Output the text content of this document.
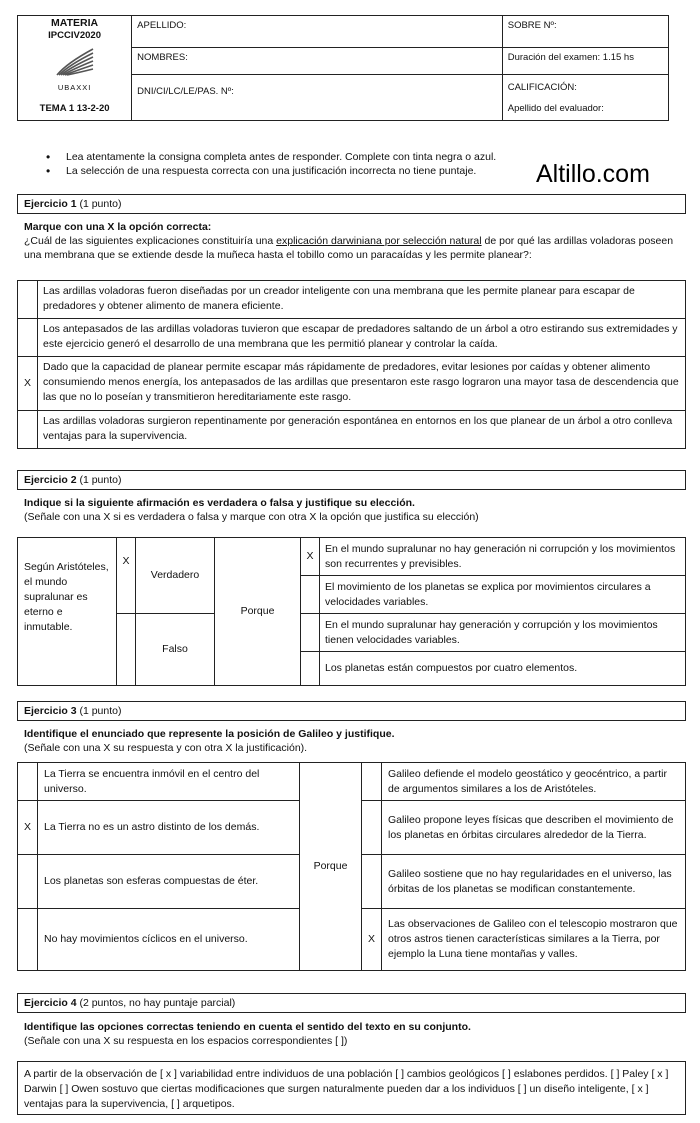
MATERIA
IPCCIV2020
UBAXXI
TEMA 1 13-2-20	APELLIDO:	SOBRE Nº:
	NOMBRES:	Duración del examen: 1.15 hs
	DNI/CI/LC/LE/PAS. Nº:	CALIFICACIÓN:
Apellido del evaluador:
• Lea atentamente la consigna completa antes de responder. Complete con tinta negra o azul.
• La selección de una respuesta correcta con una justificación incorrecta no tiene puntaje.	Altillo.com
Ejercicio 1 (1 punto)
Marque con una X la opción correcta:
¿Cuál de las siguientes explicaciones constituiría una explicación darwiniana por selección natural de por qué las ardillas voladoras poseen una membrana que se extiende desde la muñeca hasta el tobillo como un paracaídas y les permite planear?:
	Las ardillas voladoras fueron diseñadas por un creador inteligente con una membrana que les permite planear para escapar de predadores y obtener alimento de manera eficiente.
	Los antepasados de las ardillas voladoras tuvieron que escapar de predadores saltando de un árbol a otro estirando sus extremidades y este ejercicio generó el desarrollo de una membrana que les permitió planear y controlar la caída.
X	Dado que la capacidad de planear permite escapar más rápidamente de predadores, evitar lesiones por caídas y obtener alimento consumiendo menos energía, los antepasados de las ardillas que presentaron este rasgo lograron una mayor tasa de descendencia que las que no lo poseían y transmitieron hereditariamente este rasgo.
	Las ardillas voladoras surgieron repentinamente por generación espontánea en entornos en los que planear de un árbol a otro conlleva ventajas para la supervivencia.
Ejercicio 2 (1 punto)
Indique si la siguiente afirmación es verdadera o falsa y justifique su elección.
(Señale con una X si es verdadera o falsa y marque con otra X la opción que justifica su elección)
Según Aristóteles, el mundo supralunar es eterno e inmutable.	X	Verdadero	Porque	X	En el mundo supralunar no hay generación ni corrupción y los movimientos son recurrentes y previsibles.
					El movimiento de los planetas se explica por movimientos circulares a velocidades variables.
		Falso			En el mundo supralunar hay generación y corrupción y los movimientos tienen velocidades variables.
					Los planetas están compuestos por cuatro elementos.
Ejercicio 3 (1 punto)
Identifique el enunciado que represente la posición de Galileo y justifique.
(Señale con una X su respuesta y con otra X la justificación).
	La Tierra se encuentra inmóvil en el centro del universo.	Porque		Galileo defiende el modelo geostático y geocéntrico, a partir de argumentos similares a los de Aristóteles.
X	La Tierra no es un astro distinto de los demás.			Galileo propone leyes físicas que describen el movimiento de los planetas en órbitas circulares alrededor de la Tierra.
	Los planetas son esferas compuestas de éter.			Galileo sostiene que no hay regularidades en el universo, las órbitas de los planetas se modifican constantemente.
	No hay movimientos cíclicos en el universo.		X	Las observaciones de Galileo con el telescopio mostraron que otros astros tienen características similares a la Tierra, por ejemplo la Luna tiene montañas y valles.
Ejercicio 4 (2 puntos, no hay puntaje parcial)
Identifique las opciones correctas teniendo en cuenta el sentido del texto en su conjunto.
(Señale con una X su respuesta en los espacios correspondientes [ ])
A partir de la observación de [ x ] variabilidad entre individuos de una población [ ] cambios geológicos [ ] eslabones perdidos. [ ] Paley [ x ] Darwin [ ] Owen sostuvo que ciertas modificaciones que surgen naturalmente pueden dar a los individuos [ ] un diseño inteligente, [ x ] ventajas para la supervivencia, [ ] arquetipos.
